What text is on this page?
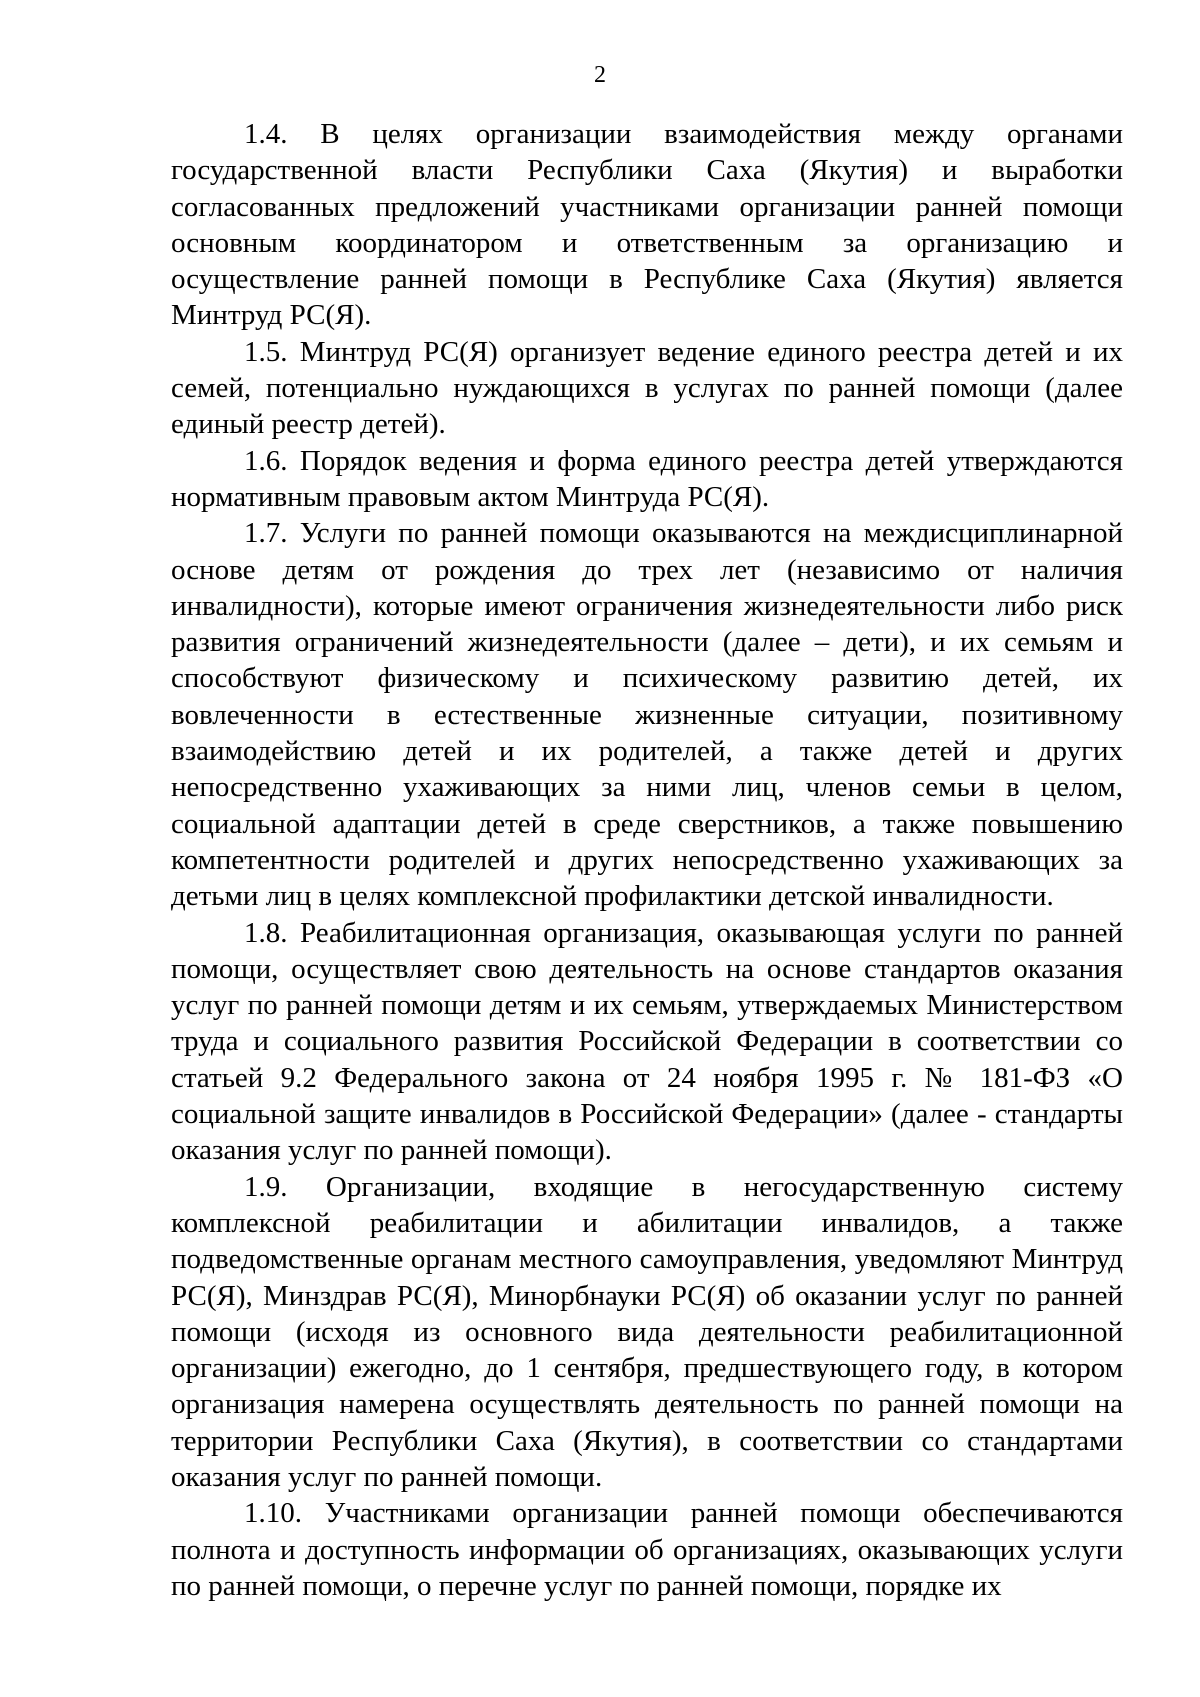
2

1.4. В целях организации взаимодействия между органами государственной власти Республики Саха (Якутия) и выработки согласованных предложений участниками организации ранней помощи основным координатором и ответственным за организацию и осуществление ранней помощи в Республике Саха (Якутия) является Минтруд РС(Я).

1.5. Минтруд РС(Я) организует ведение единого реестра детей и их семей, потенциально нуждающихся в услугах по ранней помощи (далее единый реестр детей).

1.6. Порядок ведения и форма единого реестра детей утверждаются нормативным правовым актом Минтруда РС(Я).

1.7. Услуги по ранней помощи оказываются на междисциплинарной основе детям от рождения до трех лет (независимо от наличия инвалидности), которые имеют ограничения жизнедеятельности либо риск развития ограничений жизнедеятельности (далее – дети), и их семьям и способствуют физическому и психическому развитию детей, их вовлеченности в естественные жизненные ситуации, позитивному взаимодействию детей и их родителей, а также детей и других непосредственно ухаживающих за ними лиц, членов семьи в целом, социальной адаптации детей в среде сверстников, а также повышению компетентности родителей и других непосредственно ухаживающих за детьми лиц в целях комплексной профилактики детской инвалидности.

1.8. Реабилитационная организация, оказывающая услуги по ранней помощи, осуществляет свою деятельность на основе стандартов оказания услуг по ранней помощи детям и их семьям, утверждаемых Министерством труда и социального развития Российской Федерации в соответствии со статьей 9.2 Федерального закона от 24 ноября 1995 г. № 181-ФЗ «О социальной защите инвалидов в Российской Федерации» (далее - стандарты оказания услуг по ранней помощи).

1.9. Организации, входящие в негосударственную систему комплексной реабилитации и абилитации инвалидов, а также подведомственные органам местного самоуправления, уведомляют Минтруд РС(Я), Минздрав РС(Я), Минорбнауки РС(Я) об оказании услуг по ранней помощи (исходя из основного вида деятельности реабилитационной организации) ежегодно, до 1 сентября, предшествующего году, в котором организация намерена осуществлять деятельность по ранней помощи на территории Республики Саха (Якутия), в соответствии со стандартами оказания услуг по ранней помощи.

1.10. Участниками организации ранней помощи обеспечиваются полнота и доступность информации об организациях, оказывающих услуги по ранней помощи, о перечне услуг по ранней помощи, порядке их
